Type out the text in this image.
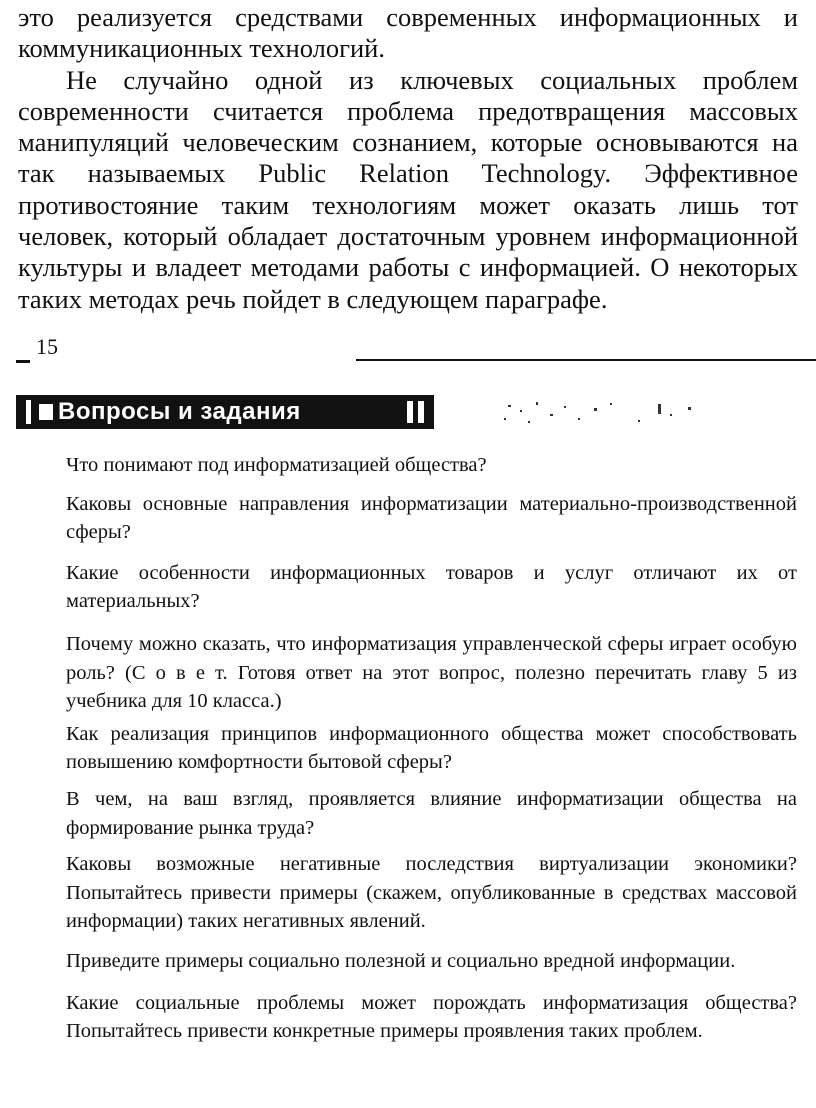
это реализуется средствами современных информационных и коммуникационных технологий.

Не случайно одной из ключевых социальных проблем современности считается проблема предотвращения массовых манипуляций человеческим сознанием, которые основываются на так называемых Public Relation Technology. Эффективное противостояние таким технологиям может оказать лишь тот человек, который обладает достаточным уровнем информационной культуры и владеет методами работы с информацией. О некоторых таких методах речь пойдет в следующем параграфе.

15
Вопросы и задания

Что понимают под информатизацией общества?

Каковы основные направления информатизации материально-производственной сферы?

Какие особенности информационных товаров и услуг отличают их от материальных?

Почему можно сказать, что информатизация управленческой сферы играет особую роль? (С о в е т. Готовя ответ на этот вопрос, полезно перечитать главу 5 из учебника для 10 класса.)

Как реализация принципов информационного общества может способствовать повышению комфортности бытовой сферы?

В чем, на ваш взгляд, проявляется влияние информатизации общества на формирование рынка труда?

Каковы возможные негативные последствия виртуализации экономики? Попытайтесь привести примеры (скажем, опубликованные в средствах массовой информации) таких негативных явлений.

Приведите примеры социально полезной и социально вредной информации.

Какие социальные проблемы может порождать информатизация общества? Попытайтесь привести конкретные примеры проявления таких проблем.
